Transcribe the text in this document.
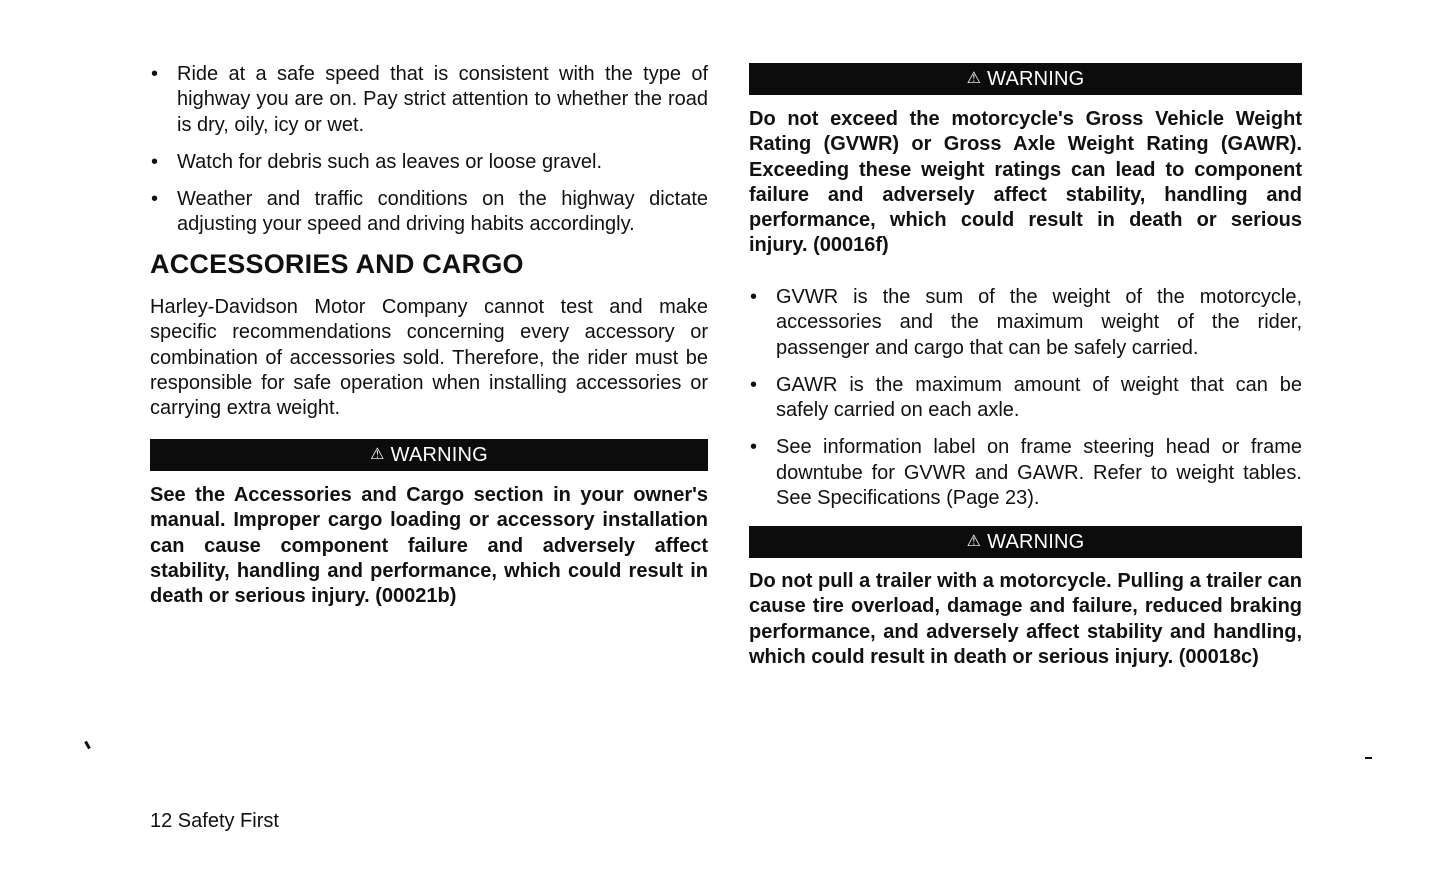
• Ride at a safe speed that is consistent with the type of highway you are on. Pay strict attention to whether the road is dry, oily, icy or wet.
• Watch for debris such as leaves or loose gravel.
• Weather and traffic conditions on the highway dictate adjusting your speed and driving habits accordingly.
ACCESSORIES AND CARGO

Harley-Davidson Motor Company cannot test and make specific recommendations concerning every accessory or combination of accessories sold. Therefore, the rider must be responsible for safe operation when installing accessories or carrying extra weight.

⚠ WARNING

See the Accessories and Cargo section in your owner's manual. Improper cargo loading or accessory installation can cause component failure and adversely affect stability, handling and performance, which could result in death or serious injury. (00021b)

⚠ WARNING

Do not exceed the motorcycle's Gross Vehicle Weight Rating (GVWR) or Gross Axle Weight Rating (GAWR). Exceeding these weight ratings can lead to component failure and adversely affect stability, handling and performance, which could result in death or serious injury. (00016f)

• GVWR is the sum of the weight of the motorcycle, accessories and the maximum weight of the rider, passenger and cargo that can be safely carried.
• GAWR is the maximum amount of weight that can be safely carried on each axle.
• See information label on frame steering head or frame downtube for GVWR and GAWR. Refer to weight tables. See Specifications (Page 23).
⚠ WARNING

Do not pull a trailer with a motorcycle. Pulling a trailer can cause tire overload, damage and failure, reduced braking performance, and adversely affect stability and handling, which could result in death or serious injury. (00018c)

12 Safety First
